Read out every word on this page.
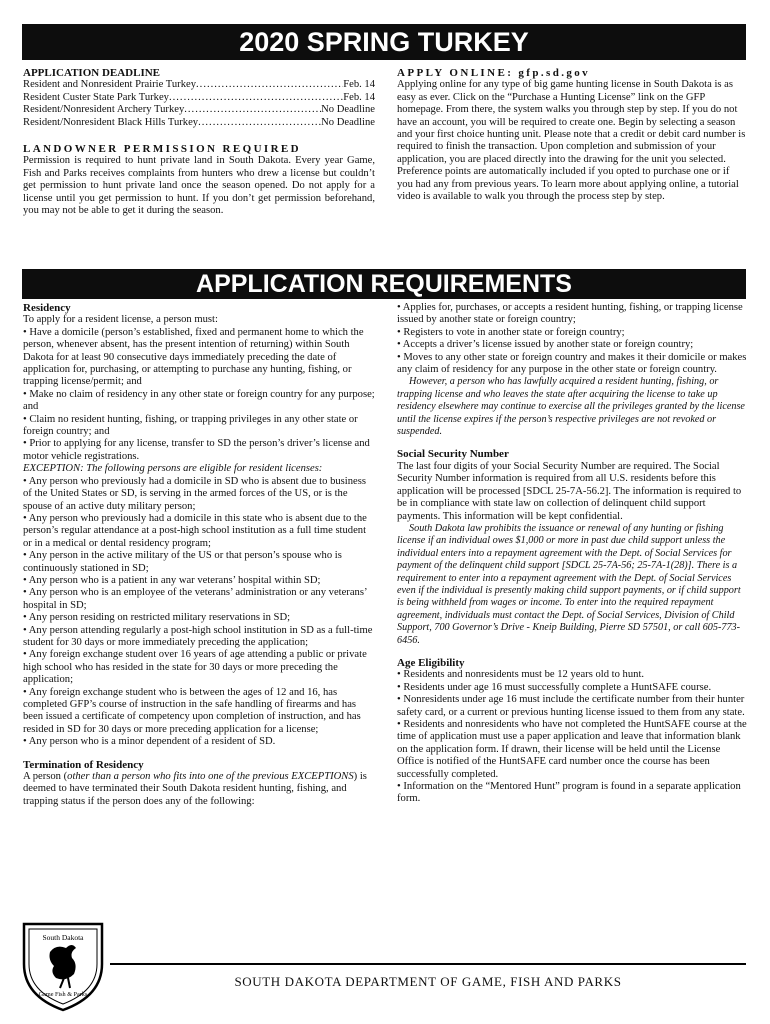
2020 SPRING TURKEY

APPLICATION DEADLINE

Resident and Nonresident Prairie Turkey .....	Feb. 14
Resident Custer State Park Turkey .....	Feb. 14
Resident/Nonresident Archery Turkey .....	No Deadline
Resident/Nonresident Black Hills Turkey .....	No Deadline

LANDOWNER PERMISSION REQUIRED

Permission is required to hunt private land in South Dakota. Every year Game, Fish and Parks receives complaints from hunters who drew a license but couldn’t get permission to hunt private land once the season opened. Do not apply for a license until you get permission to hunt. If you don’t get permission beforehand, you may not be able to get it during the season.

APPLY ONLINE: gfp.sd.gov

Applying online for any type of big game hunting license in South Dakota is as easy as ever. Click on the “Purchase a Hunting License” link on the GFP homepage. From there, the system walks you through step by step. If you do not have an account, you will be required to create one. Begin by selecting a season and your first choice hunting unit. Please note that a credit or debit card number is required to finish the transaction. Upon completion and submission of your application, you are placed directly into the drawing for the unit you selected. Preference points are automatically included if you opted to purchase one or if you had any from previous years. To learn more about applying online, a tutorial video is available to walk you through the process step by step.

APPLICATION REQUIREMENTS

Residency

To apply for a resident license, a person must:

• Have a domicile (person’s established, fixed and permanent home to which the person, whenever absent, has the present intention of returning) within South Dakota for at least 90 consecutive days immediately preceding the date of application for, purchasing, or attempting to purchase any hunting, fishing, or trapping license/permit; and

• Make no claim of residency in any other state or foreign country for any purpose; and

• Claim no resident hunting, fishing, or trapping privileges in any other state or foreign country; and

• Prior to applying for any license, transfer to SD the person’s driver’s license and motor vehicle registrations.

EXCEPTION: The following persons are eligible for resident licenses:

• Any person who previously had a domicile in SD who is absent due to business of the United States or SD, is serving in the armed forces of the US, or is the spouse of an active duty military person;

• Any person who previously had a domicile in this state who is absent due to the person’s regular attendance at a post-high school institution as a full time student or in a medical or dental residency program;

• Any person in the active military of the US or that person’s spouse who is continuously stationed in SD;

• Any person who is a patient in any war veterans’ hospital within SD;

• Any person who is an employee of the veterans’ administration or any veterans’ hospital in SD;

• Any person residing on restricted military reservations in SD;

• Any person attending regularly a post-high school institution in SD as a full-time student for 30 days or more immediately preceding the application;

• Any foreign exchange student over 16 years of age attending a public or private high school who has resided in the state for 30 days or more preceding the application;

• Any foreign exchange student who is between the ages of 12 and 16, has completed GFP’s course of instruction in the safe handling of firearms and has been issued a certificate of competency upon completion of instruction, and has resided in SD for 30 days or more preceding application for a license;

• Any person who is a minor dependent of a resident of SD.

Termination of Residency

A person (other than a person who fits into one of the previous EXCEPTIONS) is deemed to have terminated their South Dakota resident hunting, fishing, and trapping status if the person does any of the following:

• Applies for, purchases, or accepts a resident hunting, fishing, or trapping license issued by another state or foreign country;

• Registers to vote in another state or foreign country;

• Accepts a driver’s license issued by another state or foreign country;

• Moves to any other state or foreign country and makes it their domicile or makes any claim of residency for any purpose in the other state or foreign country.

However, a person who has lawfully acquired a resident hunting, fishing, or trapping license and who leaves the state after acquiring the license to take up residency elsewhere may continue to exercise all the privileges granted by the license until the license expires if the person’s respective privileges are not revoked or suspended.

Social Security Number

The last four digits of your Social Security Number are required. The Social Security Number information is required from all U.S. residents before this application will be processed [SDCL 25-7A-56.2]. The information is required to be in compliance with state law on collection of delinquent child support payments. This information will be kept confidential.

South Dakota law prohibits the issuance or renewal of any hunting or fishing license if an individual owes $1,000 or more in past due child support unless the individual enters into a repayment agreement with the Dept. of Social Services for payment of the delinquent child support [SDCL 25-7A-56; 25-7A-1(28)]. There is a requirement to enter into a repayment agreement with the Dept. of Social Services even if the individual is presently making child support payments, or if child support is being withheld from wages or income. To enter into the required repayment agreement, individuals must contact the Dept. of Social Services, Division of Child Support, 700 Governor’s Drive - Kneip Building, Pierre SD 57501, or call 605-773-6456.

Age Eligibility

• Residents and nonresidents must be 12 years old to hunt.

• Residents under age 16 must successfully complete a HuntSAFE course.

• Nonresidents under age 16 must include the certificate number from their hunter safety card, or a current or previous hunting license issued to them from any state.

• Residents and nonresidents who have not completed the HuntSAFE course at the time of application must use a paper application and leave that information blank on the application form. If drawn, their license will be held until the License Office is notified of the HuntSAFE card number once the course has been successfully completed.

• Information on the “Mentored Hunt” program is found in a separate application form.

South Dakota
Game Fish & Parks
SOUTH DAKOTA DEPARTMENT OF GAME, FISH AND PARKS
